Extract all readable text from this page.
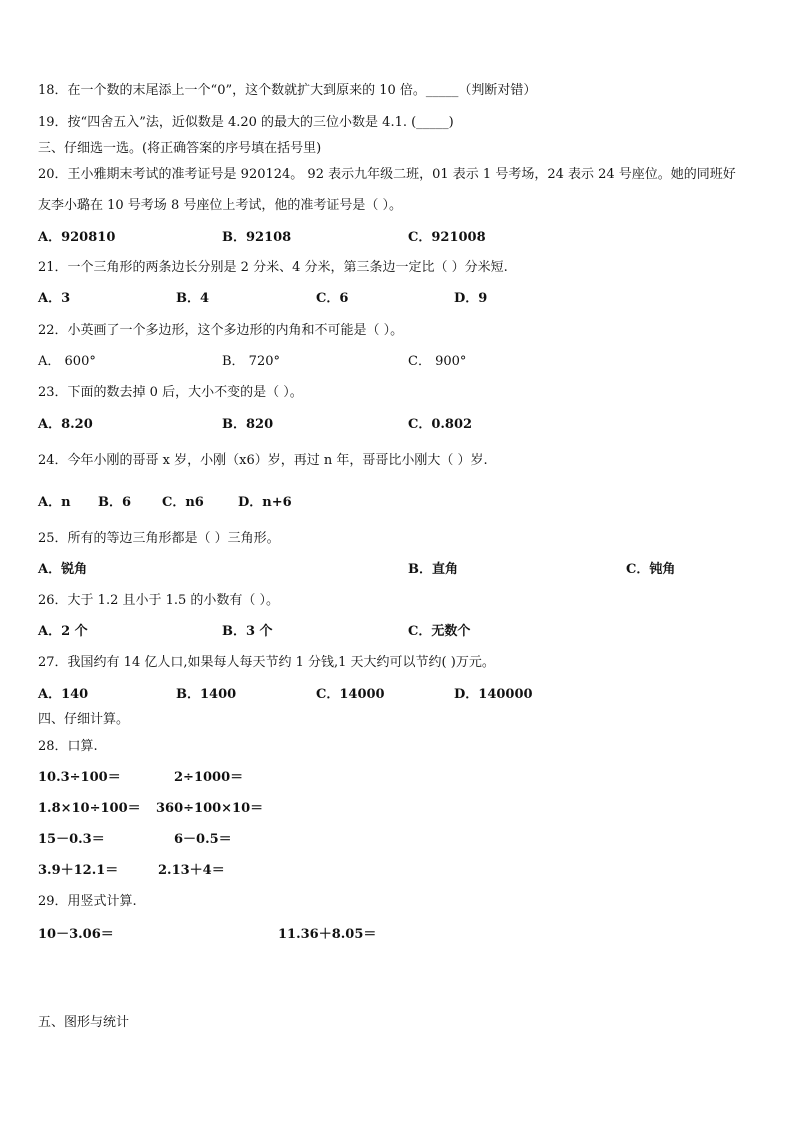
18．在一个数的末尾添上一个“0”，这个数就扩大到原来的 10 倍。_____（判断对错）
19．按“四舍五入”法，近似数是 4.20 的最大的三位小数是 4.1. (_____)
三、仔细选一选。(将正确答案的序号填在括号里)
20．王小雅期末考试的准考证号是 920124。 92 表示九年级二班，01 表示 1 号考场，24 表示 24 号座位。她的同班好
友李小璐在 10 号考场 8 号座位上考试，他的准考证号是（ ）。
A．920810	B．92108	C．921008
21．一个三角形的两条边长分别是 2 分米、4 分米，第三条边一定比（ ）分米短.
A．3	B．4	C．6	D．9
22．小英画了一个多边形，这个多边形的内角和不可能是（ ）。
A． 600°	B． 720°	C． 900°
23．下面的数去掉 0 后，大小不变的是（ ）。
A．8.20	B．820	C．0.802
24．今年小刚的哥哥 x 岁，小刚（x6）岁，再过 n 年，哥哥比小刚大（ ）岁.
A．n B．6 C．n6	D．n+6
25．所有的等边三角形都是（ ）三角形。
A．锐角	B．直角	C．钝角
26．大于 1.2 且小于 1.5 的小数有（ ）。
A．2 个	B．3 个	C．无数个
27．我国约有 14 亿人口,如果每人每天节约 1 分钱,1 天大约可以节约( )万元。
A．140	B．1400	C．14000	D．140000
四、仔细计算。
28．口算.
10.3÷100＝	2÷1000＝
1.8×10÷100＝ 360÷100×10＝
15－0.3＝	6－0.5＝
3.9＋12.1＝	2.13＋4＝
29．用竖式计算.
10－3.06＝	11.36＋8.05＝
五、图形与统计
